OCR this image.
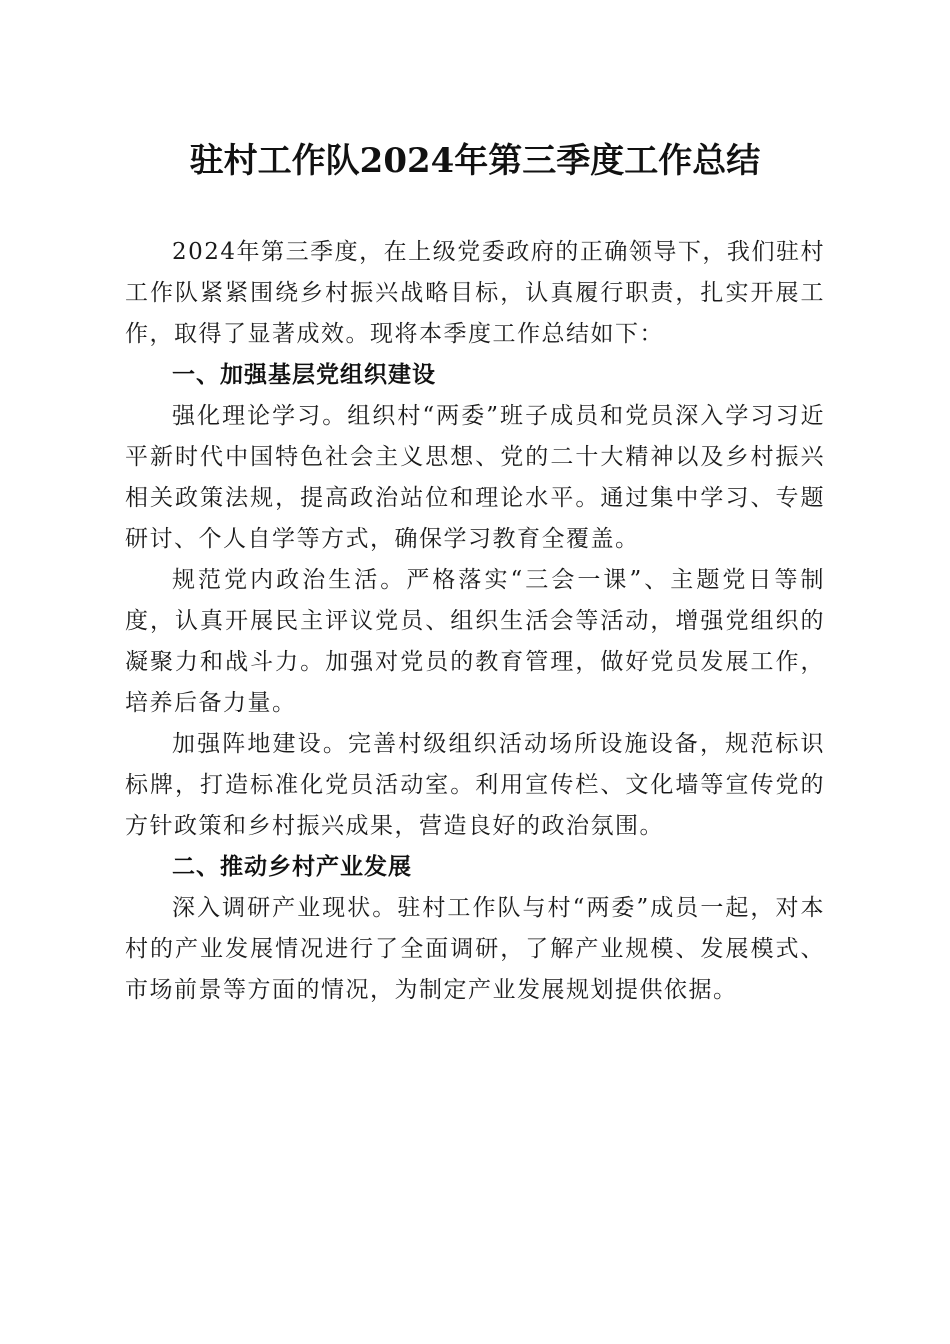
驻村工作队2024年第三季度工作总结

2024年第三季度，在上级党委政府的正确领导下，我们驻村工作队紧紧围绕乡村振兴战略目标，认真履行职责，扎实开展工作，取得了显著成效。现将本季度工作总结如下：

一、加强基层党组织建设

强化理论学习。组织村“两委”班子成员和党员深入学习习近平新时代中国特色社会主义思想、党的二十大精神以及乡村振兴相关政策法规，提高政治站位和理论水平。通过集中学习、专题研讨、个人自学等方式，确保学习教育全覆盖。

规范党内政治生活。严格落实“三会一课”、主题党日等制度，认真开展民主评议党员、组织生活会等活动，增强党组织的凝聚力和战斗力。加强对党员的教育管理，做好党员发展工作，培养后备力量。

加强阵地建设。完善村级组织活动场所设施设备，规范标识标牌，打造标准化党员活动室。利用宣传栏、文化墙等宣传党的方针政策和乡村振兴成果，营造良好的政治氛围。

二、推动乡村产业发展

深入调研产业现状。驻村工作队与村“两委”成员一起，对本村的产业发展情况进行了全面调研，了解产业规模、发展模式、市场前景等方面的情况，为制定产业发展规划提供依据。
